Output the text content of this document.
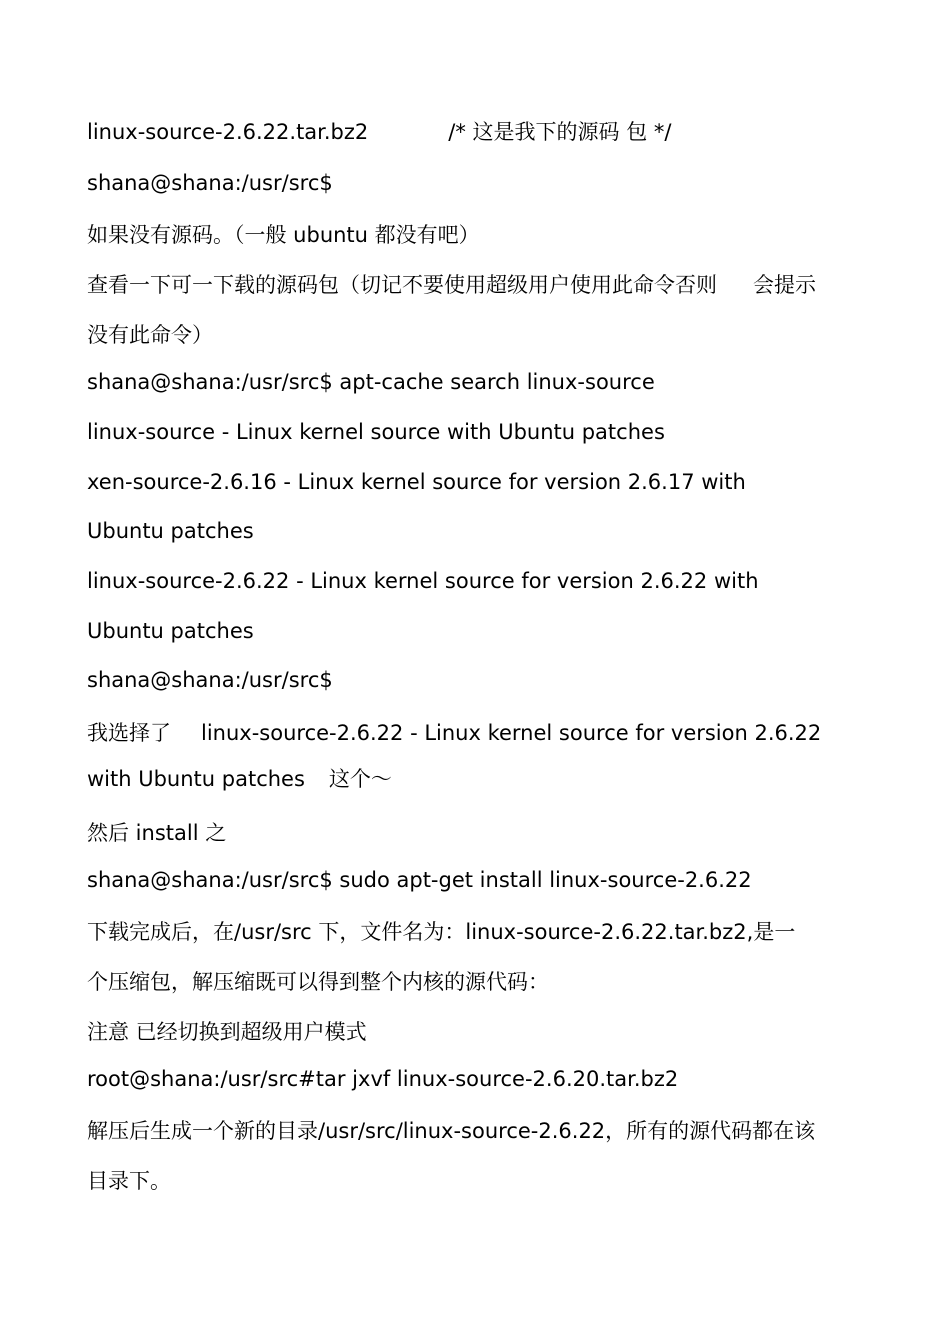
linux-source-2.6.22.tar.bz2	/* 这是我下的源码 包 */

shana@shana:/usr/src$

如果没有源码。（一般 ubuntu 都没有吧）

查看一下可一下载的源码包（切记不要使用超级用户使用此命令否则 会提示

没有此命令）

shana@shana:/usr/src$ apt-cache search linux-source

linux-source - Linux kernel source with Ubuntu patches

xen-source-2.6.16 - Linux kernel source for version 2.6.17 with

Ubuntu patches

linux-source-2.6.22 - Linux kernel source for version 2.6.22 with

Ubuntu patches

shana@shana:/usr/src$

我选择了 linux-source-2.6.22 - Linux kernel source for version 2.6.22

with Ubuntu patches 这个～

然后 install 之

shana@shana:/usr/src$ sudo apt-get install linux-source-2.6.22

下载完成后，在/usr/src 下，文件名为：linux-source-2.6.22.tar.bz2,是一

个压缩包，解压缩既可以得到整个内核的源代码：

注意 已经切换到超级用户模式

root@shana:/usr/src#tar jxvf linux-source-2.6.20.tar.bz2

解压后生成一个新的目录/usr/src/linux-source-2.6.22，所有的源代码都在该

目录下。
